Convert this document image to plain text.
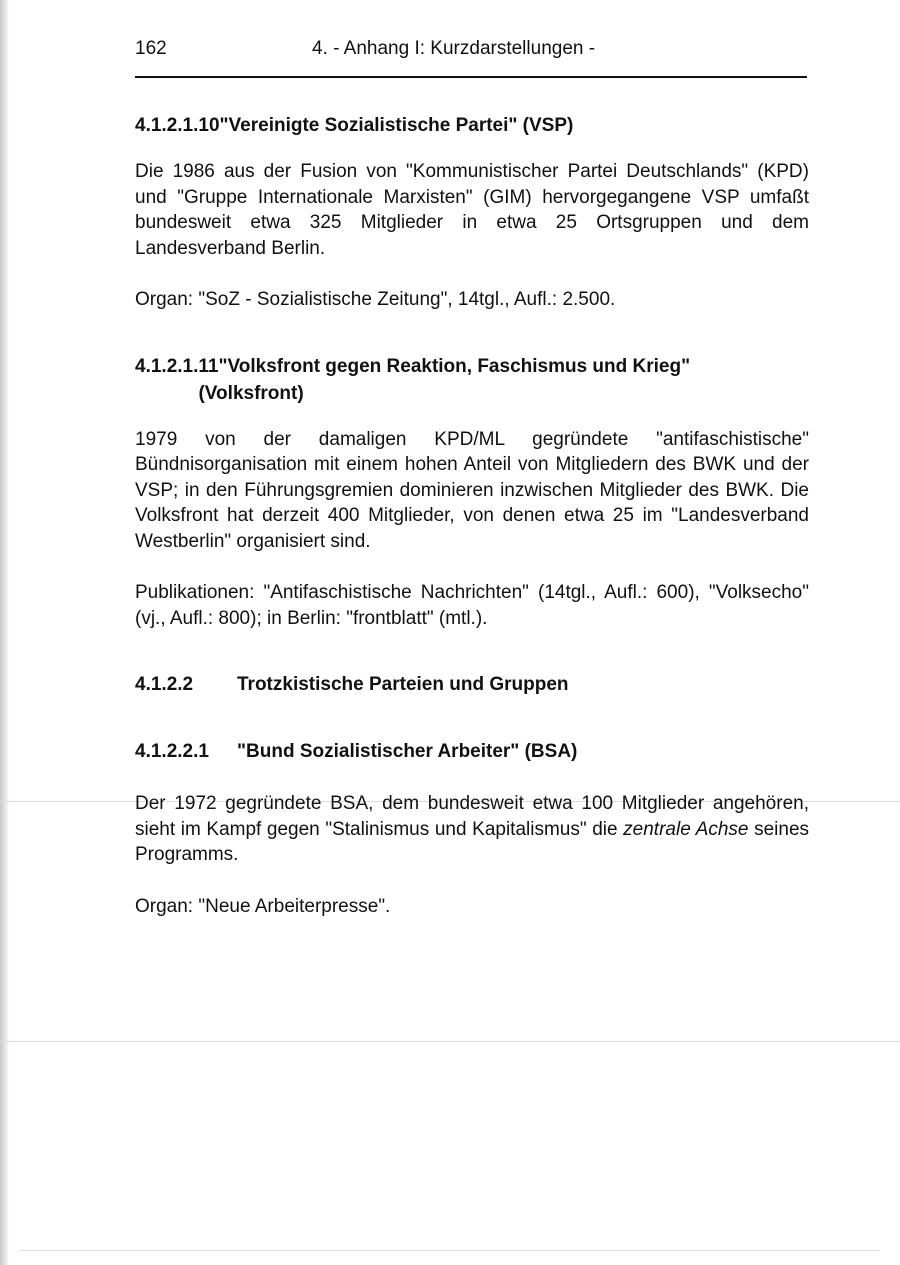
162	4. - Anhang I: Kurzdarstellungen -
4.1.2.1.10 "Vereinigte Sozialistische Partei" (VSP)

Die 1986 aus der Fusion von "Kommunistischer Partei Deutschlands" (KPD) und "Gruppe Internationale Marxisten" (GIM) hervorgegangene VSP umfaßt bundesweit etwa 325 Mitglieder in etwa 25 Ortsgruppen und dem Landesverband Berlin.

Organ: "SoZ - Sozialistische Zeitung", 14tgl., Aufl.: 2.500.

4.1.2.1.11 "Volksfront gegen Reaktion, Faschismus und Krieg"
(Volksfront)

1979 von der damaligen KPD/ML gegründete "antifaschistische" Bündnisorganisation mit einem hohen Anteil von Mitgliedern des BWK und der VSP; in den Führungsgremien dominieren inzwischen Mitglieder des BWK. Die Volksfront hat derzeit 400 Mitglieder, von denen etwa 25 im "Landesverband Westberlin" organisiert sind.

Publikationen: "Antifaschistische Nachrichten" (14tgl., Aufl.: 600), "Volksecho" (vj., Aufl.: 800); in Berlin: "frontblatt" (mtl.).

4.1.2.2	Trotzkistische Parteien und Gruppen
4.1.2.2.1	"Bund Sozialistischer Arbeiter" (BSA)

Der 1972 gegründete BSA, dem bundesweit etwa 100 Mitglieder angehören, sieht im Kampf gegen "Stalinismus und Kapitalismus" die zentrale Achse seines Programms.

Organ: "Neue Arbeiterpresse".
